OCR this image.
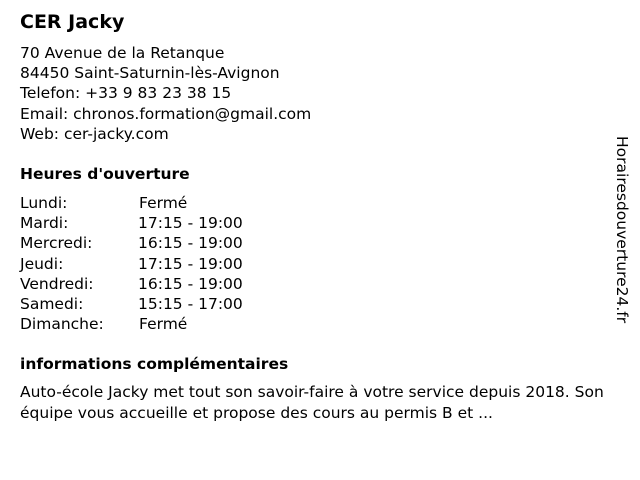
CER Jacky
70 Avenue de la Retanque
84450 Saint-Saturnin-lès-Avignon
Telefon: +33 9 83 23 38 15
Email: chronos.formation@gmail.com
Web: cer-jacky.com
Heures d'ouverture
Lundi:	Fermé
Mardi:	17:15 - 19:00
Mercredi:	16:15 - 19:00
Jeudi:	17:15 - 19:00
Vendredi:	16:15 - 19:00
Samedi:	15:15 - 17:00
Dimanche: Fermé
informations complémentaires

Auto-école Jacky met tout son savoir-faire à votre service depuis 2018. Son équipe vous accueille et propose des cours au permis B et ...

Horairesdouverture24.fr
